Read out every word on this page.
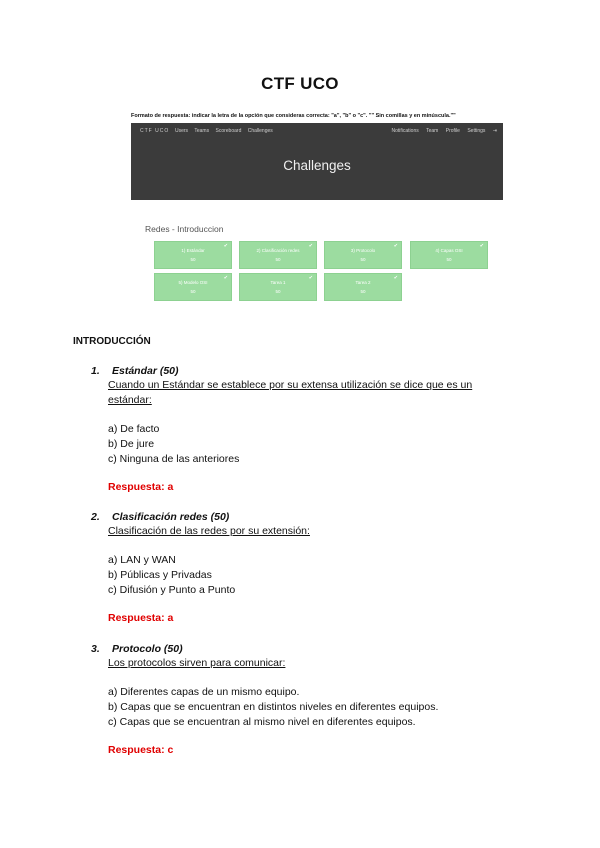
CTF UCO
Formato de respuesta: indicar la letra de la opción que consideras correcta: "a", "b" o "c". "" Sin comillas y en minúscula.""
CTF UCO Users Teams Scoreboard Challenges	Notifications Team Profile Settings ⇥
Challenges
Redes - Introduccion
✔
1) Estándar
50
✔
2) Clasificación redes
50
✔
3) Protocolo
50
✔
4) Capas OSI
50
✔
5) Modelo OSI
50
✔
Tarea 1
50
✔
Tarea 2
50
INTRODUCCIÓN
1. Estándar (50)
Cuando un Estándar se establece por su extensa utilización se dice que es un estándar:
a) De facto
b) De jure
c) Ninguna de las anteriores
Respuesta: a
2. Clasificación redes (50)
Clasificación de las redes por su extensión:
a) LAN y WAN
b) Públicas y Privadas
c) Difusión y Punto a Punto
Respuesta: a
3. Protocolo (50)
Los protocolos sirven para comunicar:
a) Diferentes capas de un mismo equipo.
b) Capas que se encuentran en distintos niveles en diferentes equipos.
c) Capas que se encuentran al mismo nivel en diferentes equipos.
Respuesta: c
